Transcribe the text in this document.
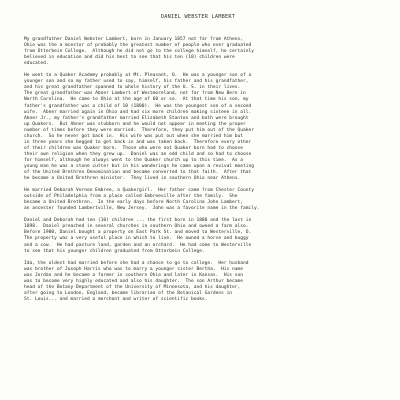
DANIEL WEBSTER LAMBERT
My grandfather Daniel Webster Lambert, born in January 1857 not far from Athens,
Ohio was the a mcestor of probably the greatest number of people who ever graduated
from Otterbein College.  Although he did not go to the college himself, he certainly
believed in education and did his best to see that his ten (10) children were
educated.
He went to a Quaker Academy probably at Mt. Pleasant, O.  He was a younger son of a
younger son and so my father used to say, himself, his father and his grandfather,
and his great grandfather spanned to whole history of the U. S. in their lives.
The great grandfather was Abner Lambert of Westmoreland, not far from New Bern in
North Carolina.  He came to Ohio at the age of 60 or so.  At that time his son, my
father's grandfather was a child of 10 (1800).  He was the youngest son of a second
wife.  Abner married again in Ohio and had six more children making sixteen in all.
Abner Jr., my father's grandfather married Elizabeth Stanton and both were brought
up Quakers.  But Abner was stubborn and he would not appear in meeting the proper
number of times before they were married.  Therefore, they put him out of the Quaker
church.  So he never got back in.  His wife was put out when she married him but
in three years she begged to get back in and was taken back.  Therefore every other
of their children was Quaker born.  Those who were not Quaker born had to choose
their own religion when they grew up.  Daniel was an odd child and so had to choose
for himself, although he always went to the Quaker church up to this time.  As a
young man he was a stone cutter but in his wanderings he came upon a revival meeting
of the United Brethren Denomination and became converted to that faith.  After that
he became a United Brethren minister.  They lived in southern Ohio near Athens.
He married Deborah Vernon Embree, a Quakergirl.  Her father came from Chester County
outside of Philadelphia from a place called Embreeville after the family.  She
became a United Brethren.  In the early days before North Carolina John Lambert,
an ancester founded Lambertville, New Jersey.  John was a favorite name in the family.
Daniel and Deborah had ten (10) children ... the first born in 1880 and the last in
1898.  Daniel preached in several churches in southern Ohio and owned a farm also.
Before 1900, Daniel bought a property on East Park St. and moved to Westerville, O.
The property was a very useful place in which to live.  He owned a horse and buggy
and a cow.  He had pasture land, garden and an orchard.  He had come to Westerville
to see that his younger children graduated from Otterbein College.
Ida, the oldest had married before she had a chance to go to college.  Her husband
was brother of Joseph Harris who was to marry a younger sister Bertha.  His name
was Jordan and he became a farmer in southern Ohio and later in Kansas.  His son
was to become very highly educated and also his daughter.  The son Arthur became
head of the Botany Department of the University of Minnesota, and his daughter,
after going to London, England, became librarian of the Botanical Gardens in
St. Louis... and married a merchant and writer of scientific books.
